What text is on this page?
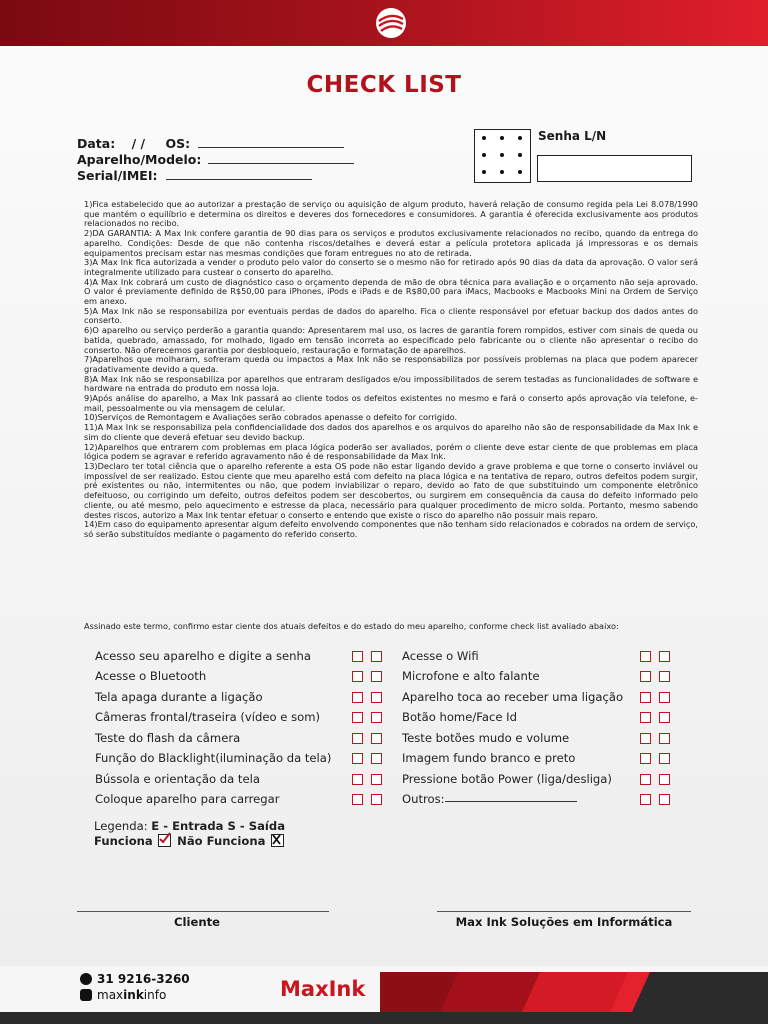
CHECK LIST
Data: / / OS:
Aparelho/Modelo:
Serial/IMEI:
Senha L/N

1)Fica estabelecido que ao autorizar a prestação de serviço ou aquisição de algum produto, haverá relação de consumo regida pela Lei 8.078/1990 que mantém o equilíbrio e determina os direitos e deveres dos fornecedores e consumidores. A garantia é oferecida exclusivamente aos produtos relacionados no recibo.

2)DA GARANTIA: A Max Ink confere garantia de 90 dias para os serviços e produtos exclusivamente relacionados no recibo, quando da entrega do aparelho. Condições: Desde de que não contenha riscos/detalhes e deverá estar a película protetora aplicada já impressoras e os demais equipamentos precisam estar nas mesmas condições que foram entregues no ato de retirada.

3)A Max Ink fica autorizada a vender o produto pelo valor do conserto se o mesmo não for retirado após 90 dias da data da aprovação. O valor será integralmente utilizado para custear o conserto do aparelho.

4)A Max Ink cobrará um custo de diagnóstico caso o orçamento dependa de mão de obra técnica para avaliação e o orçamento não seja aprovado. O valor é previamente definido de R$50,00 para iPhones, iPods e iPads e de R$80,00 para iMacs, Macbooks e Macbooks Mini na Ordem de Serviço em anexo.

5)A Max Ink não se responsabiliza por eventuais perdas de dados do aparelho. Fica o cliente responsável por efetuar backup dos dados antes do conserto.

6)O aparelho ou serviço perderão a garantia quando: Apresentarem mal uso, os lacres de garantia forem rompidos, estiver com sinais de queda ou batida, quebrado, amassado, for molhado, ligado em tensão incorreta ao especificado pelo fabricante ou o cliente não apresentar o recibo do conserto. Não oferecemos garantia por desbloqueio, restauração e formatação de aparelhos.

7)Aparelhos que molharam, sofreram queda ou impactos a Max Ink não se responsabiliza por possíveis problemas na placa que podem aparecer gradativamente devido a queda.

8)A Max Ink não se responsabiliza por aparelhos que entraram desligados e/ou impossibilitados de serem testadas as funcionalidades de software e hardware na entrada do produto em nossa loja.

9)Após análise do aparelho, a Max Ink passará ao cliente todos os defeitos existentes no mesmo e fará o conserto após aprovação via telefone, e-mail, pessoalmente ou via mensagem de celular.

10)Serviços de Remontagem e Avaliações serão cobrados apenasse o defeito for corrigido.

11)A Max Ink se responsabiliza pela confidencialidade dos dados dos aparelhos e os arquivos do aparelho não são de responsabilidade da Max Ink e sim do cliente que deverá efetuar seu devido backup.

12)Aparelhos que entrarem com problemas em placa lógica poderão ser avaliados, porém o cliente deve estar ciente de que problemas em placa lógica podem se agravar e referido agravamento não é de responsabilidade da Max Ink.

13)Declaro ter total ciência que o aparelho referente a esta OS pode não estar ligando devido a grave problema e que torne o conserto inviável ou impossível de ser realizado. Estou ciente que meu aparelho está com defeito na placa lógica e na tentativa de reparo, outros defeitos podem surgir, pré existentes ou não, intermitentes ou não, que podem inviabilizar o reparo, devido ao fato de que substituindo um componente eletrônico defeituoso, ou corrigindo um defeito, outros defeitos podem ser descobertos, ou surgirem em consequência da causa do defeito informado pelo cliente, ou até mesmo, pelo aquecimento e estresse da placa, necessário para qualquer procedimento de micro solda. Portanto, mesmo sabendo destes riscos, autorizo a Max Ink tentar efetuar o conserto e entendo que existe o risco do aparelho não possuir mais reparo.

14)Em caso do equipamento apresentar algum defeito envolvendo componentes que não tenham sido relacionados e cobrados na ordem de serviço, só serão substituídos mediante o pagamento do referido conserto.

Assinado este termo, confirmo estar ciente dos atuais defeitos e do estado do meu aparelho, conforme check list avaliado abaixo:
Acesso seu aparelho e digite a senha
Acesse o Bluetooth
Tela apaga durante a ligação
Câmeras frontal/traseira (vídeo e som)
Teste do flash da câmera
Função do Blacklight(iluminação da tela)
Bússola e orientação da tela
Coloque aparelho para carregar
Acesse o Wifi
Microfone e alto falante
Aparelho toca ao receber uma ligação
Botão home/Face Id
Teste botões mudo e volume
Imagem fundo branco e preto
Pressione botão Power (liga/desliga)
Outros:
Legenda: E - Entrada S - Saída
Funciona Não Funciona
Cliente	Max Ink Soluções em Informática
31 9216-3260
max ink info	MaxInk
